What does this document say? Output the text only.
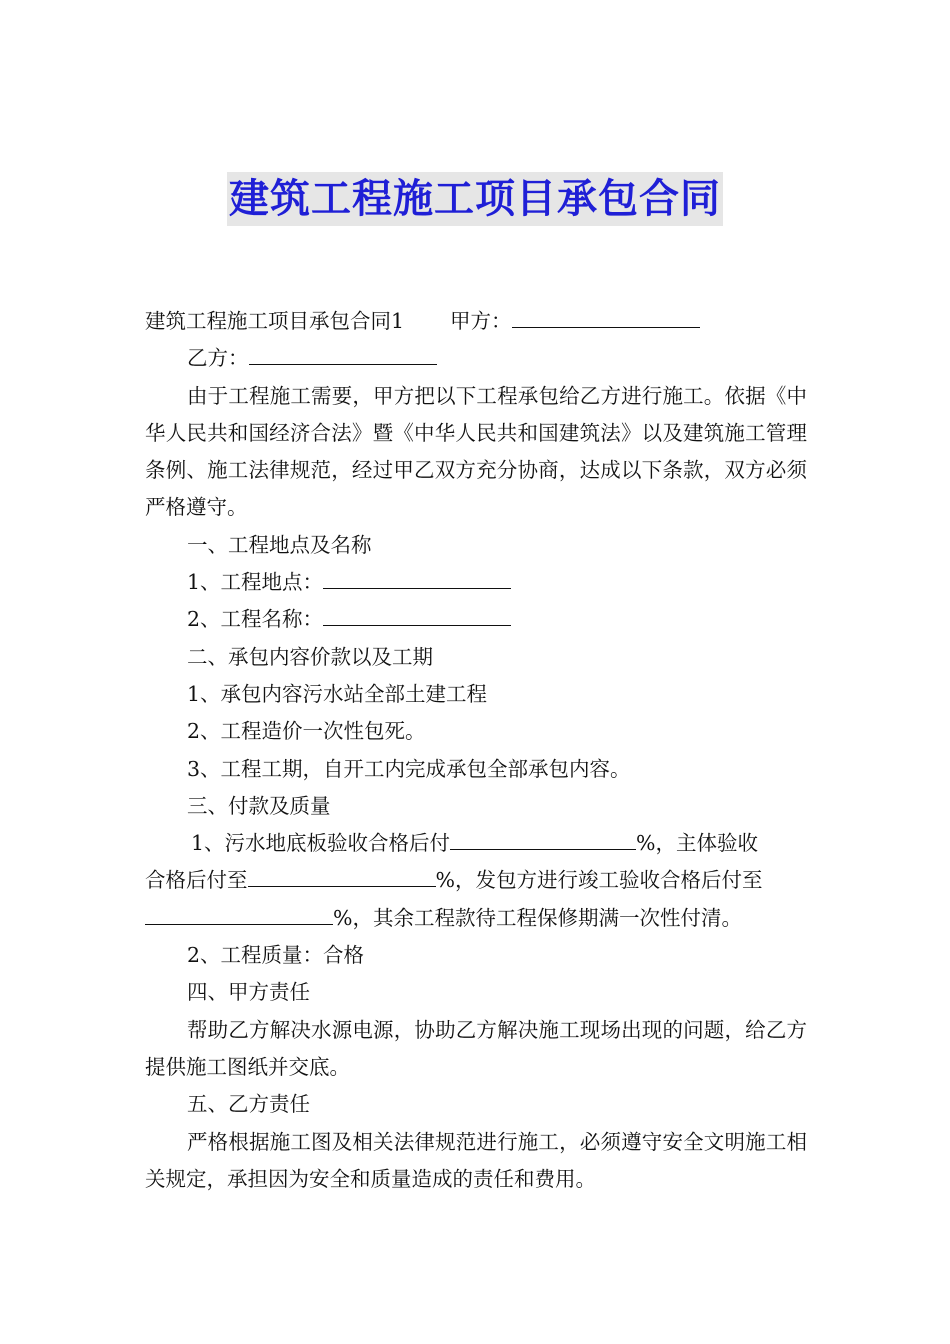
建筑工程施工项目承包合同

建筑工程施工项目承包合同1 甲方：

乙方：

由于工程施工需要，甲方把以下工程承包给乙方进行施工。依据《中华人民共和国经济合法》暨《中华人民共和国建筑法》以及建筑施工管理条例、施工法律规范，经过甲乙双方充分协商，达成以下条款，双方必须严格遵守。

一、工程地点及名称

1、工程地点：

2、工程名称：

二、承包内容价款以及工期

1、承包内容污水站全部土建工程

2、工程造价一次性包死。

3、工程工期，自开工内完成承包全部承包内容。

三、付款及质量

1、污水地底板验收合格后付	%，主体验收

合格后付至	%，发包方进行竣工验收合格后付至

%，其余工程款待工程保修期满一次性付清。

2、工程质量：合格

四、甲方责任

帮助乙方解决水源电源，协助乙方解决施工现场出现的问题，给乙方提供施工图纸并交底。

五、乙方责任

严格根据施工图及相关法律规范进行施工，必须遵守安全文明施工相关规定，承担因为安全和质量造成的责任和费用。
